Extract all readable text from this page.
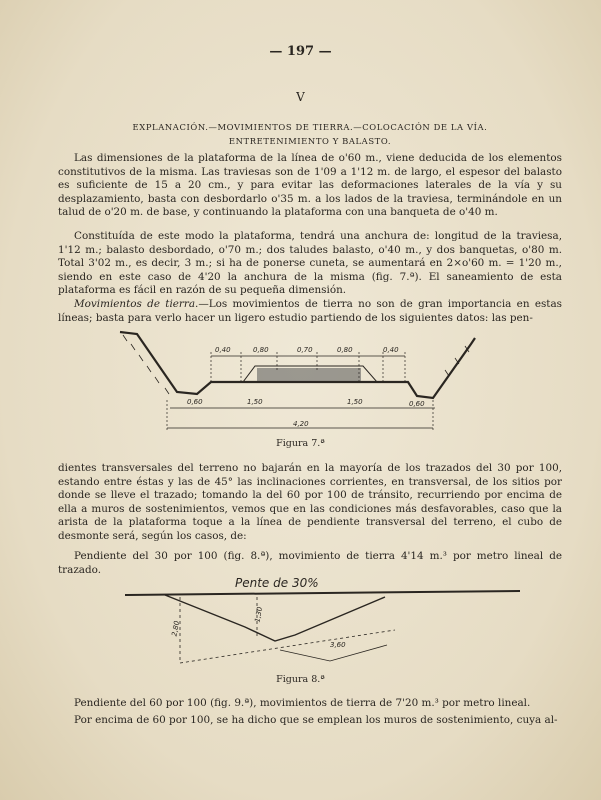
— 197 —
V
EXPLANACIÓN.—MOVIMIENTOS DE TIERRA.—COLOCACIÓN DE LA VÍA.
ENTRETENIMIENTO Y BALASTO.

Las dimensiones de la plataforma de la línea de o'60 m., viene deducida de los elementos constitutivos de la misma. Las traviesas son de 1'09 a 1'12 m. de largo, el espesor del balasto es suficiente de 15 a 20 cm., y para evitar las deformaciones laterales de la vía y su desplazamiento, basta con desbordarlo o'35 m. a los lados de la traviesa, terminándole en un talud de o'20 m. de base, y continuando la plataforma con una banqueta de o'40 m.

Constituída de este modo la plataforma, tendrá una anchura de: longitud de la traviesa, 1'12 m.; balasto desbordado, o'70 m.; dos taludes balasto, o'40 m., y dos banquetas, o'80 m. Total 3'02 m., es decir, 3 m.; si ha de ponerse cuneta, se aumentará en 2×o'60 m. = 1'20 m., siendo en este caso de 4'20 la anchura de la misma (fig. 7.ª). El saneamiento de esta plataforma es fácil en razón de su pequeña dimensión.

Movimientos de tierra.—Los movimientos de tierra no son de gran importancia en estas líneas; basta para verlo hacer un ligero estudio partiendo de los siguientes datos: las pen-

0,40	0,80	0,70	0,80	0,40
0,60	1,50	1,50	0,60
4,20
Figura 7.ª

dientes transversales del terreno no bajarán en la mayoría de los trazados del 30 por 100, estando entre éstas y las de 45° las inclinaciones corrientes, en transversal, de los sitios por donde se lleve el trazado; tomando la del 60 por 100 de tránsito, recurriendo por encima de ella a muros de sostenimientos, vemos que en las condiciones más desfavorables, caso que la arista de la plataforma toque a la línea de pendiente transversal del terreno, el cubo de desmonte será, según los casos, de:

Pendiente del 30 por 100 (fig. 8.ª), movimiento de tierra 4'14 m.³ por metro lineal de trazado.

Pente de 30%
2,80
1,30
3,60
Figura 8.ª

Pendiente del 60 por 100 (fig. 9.ª), movimientos de tierra de 7'20 m.³ por metro lineal.

Por encima de 60 por 100, se ha dicho que se emplean los muros de sostenimiento, cuya al-
